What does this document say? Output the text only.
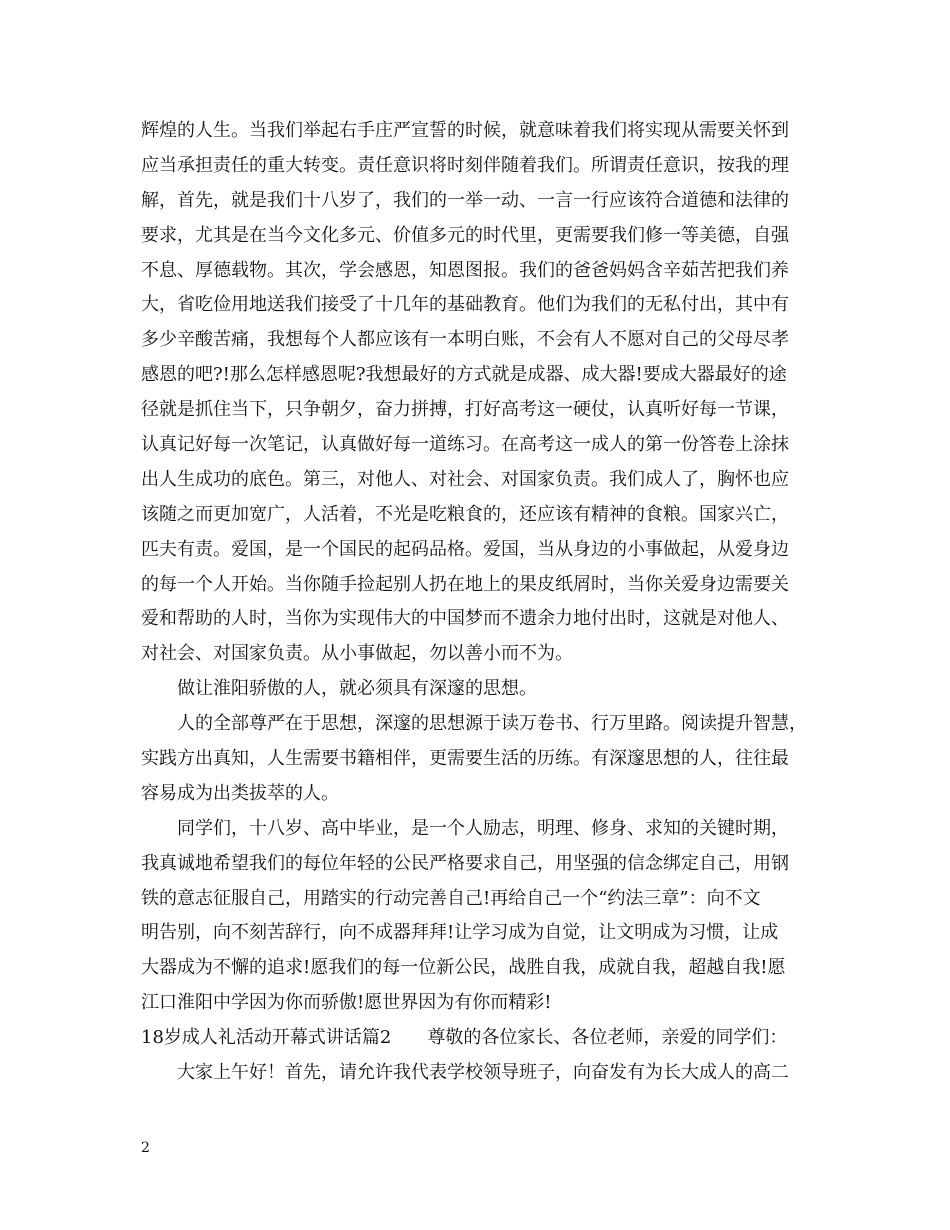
辉煌的人生。当我们举起右手庄严宣誓的时候，就意味着我们将实现从需要关怀到
应当承担责任的重大转变。责任意识将时刻伴随着我们。所谓责任意识，按我的理
解，首先，就是我们十八岁了，我们的一举一动、一言一行应该符合道德和法律的
要求，尤其是在当今文化多元、价值多元的时代里，更需要我们修一等美德，自强
不息、厚德载物。其次，学会感恩，知恩图报。我们的爸爸妈妈含辛茹苦把我们养
大，省吃俭用地送我们接受了十几年的基础教育。他们为我们的无私付出，其中有
多少辛酸苦痛，我想每个人都应该有一本明白账，不会有人不愿对自己的父母尽孝
感恩的吧?!那么怎样感恩呢?我想最好的方式就是成器、成大器!要成大器最好的途
径就是抓住当下，只争朝夕，奋力拼搏，打好高考这一硬仗，认真听好每一节课，
认真记好每一次笔记，认真做好每一道练习。在高考这一成人的第一份答卷上涂抹
出人生成功的底色。第三，对他人、对社会、对国家负责。我们成人了，胸怀也应
该随之而更加宽广，人活着，不光是吃粮食的，还应该有精神的食粮。国家兴亡，
匹夫有责。爱国，是一个国民的起码品格。爱国，当从身边的小事做起，从爱身边
的每一个人开始。当你随手捡起别人扔在地上的果皮纸屑时，当你关爱身边需要关
爱和帮助的人时，当你为实现伟大的中国梦而不遗余力地付出时，这就是对他人、
对社会、对国家负责。从小事做起，勿以善小而不为。
做让淮阳骄傲的人，就必须具有深邃的思想。
人的全部尊严在于思想，深邃的思想源于读万卷书、行万里路。阅读提升智慧，
实践方出真知，人生需要书籍相伴，更需要生活的历练。有深邃思想的人，往往最
容易成为出类拔萃的人。
同学们，十八岁、高中毕业，是一个人励志，明理、修身、求知的关键时期，
我真诚地希望我们的每位年轻的公民严格要求自己，用坚强的信念绑定自己，用钢
铁的意志征服自己，用踏实的行动完善自己!再给自己一个“约法三章”：向不文
明告别，向不刻苦辞行，向不成器拜拜!让学习成为自觉，让文明成为习惯，让成
大器成为不懈的追求!愿我们的每一位新公民，战胜自我，成就自我，超越自我!愿
江口淮阳中学因为你而骄傲!愿世界因为有你而精彩!
18岁成人礼活动开幕式讲话篇2　　尊敬的各位家长、各位老师，亲爱的同学们：
大家上午好！首先，请允许我代表学校领导班子，向奋发有为长大成人的高二
2
